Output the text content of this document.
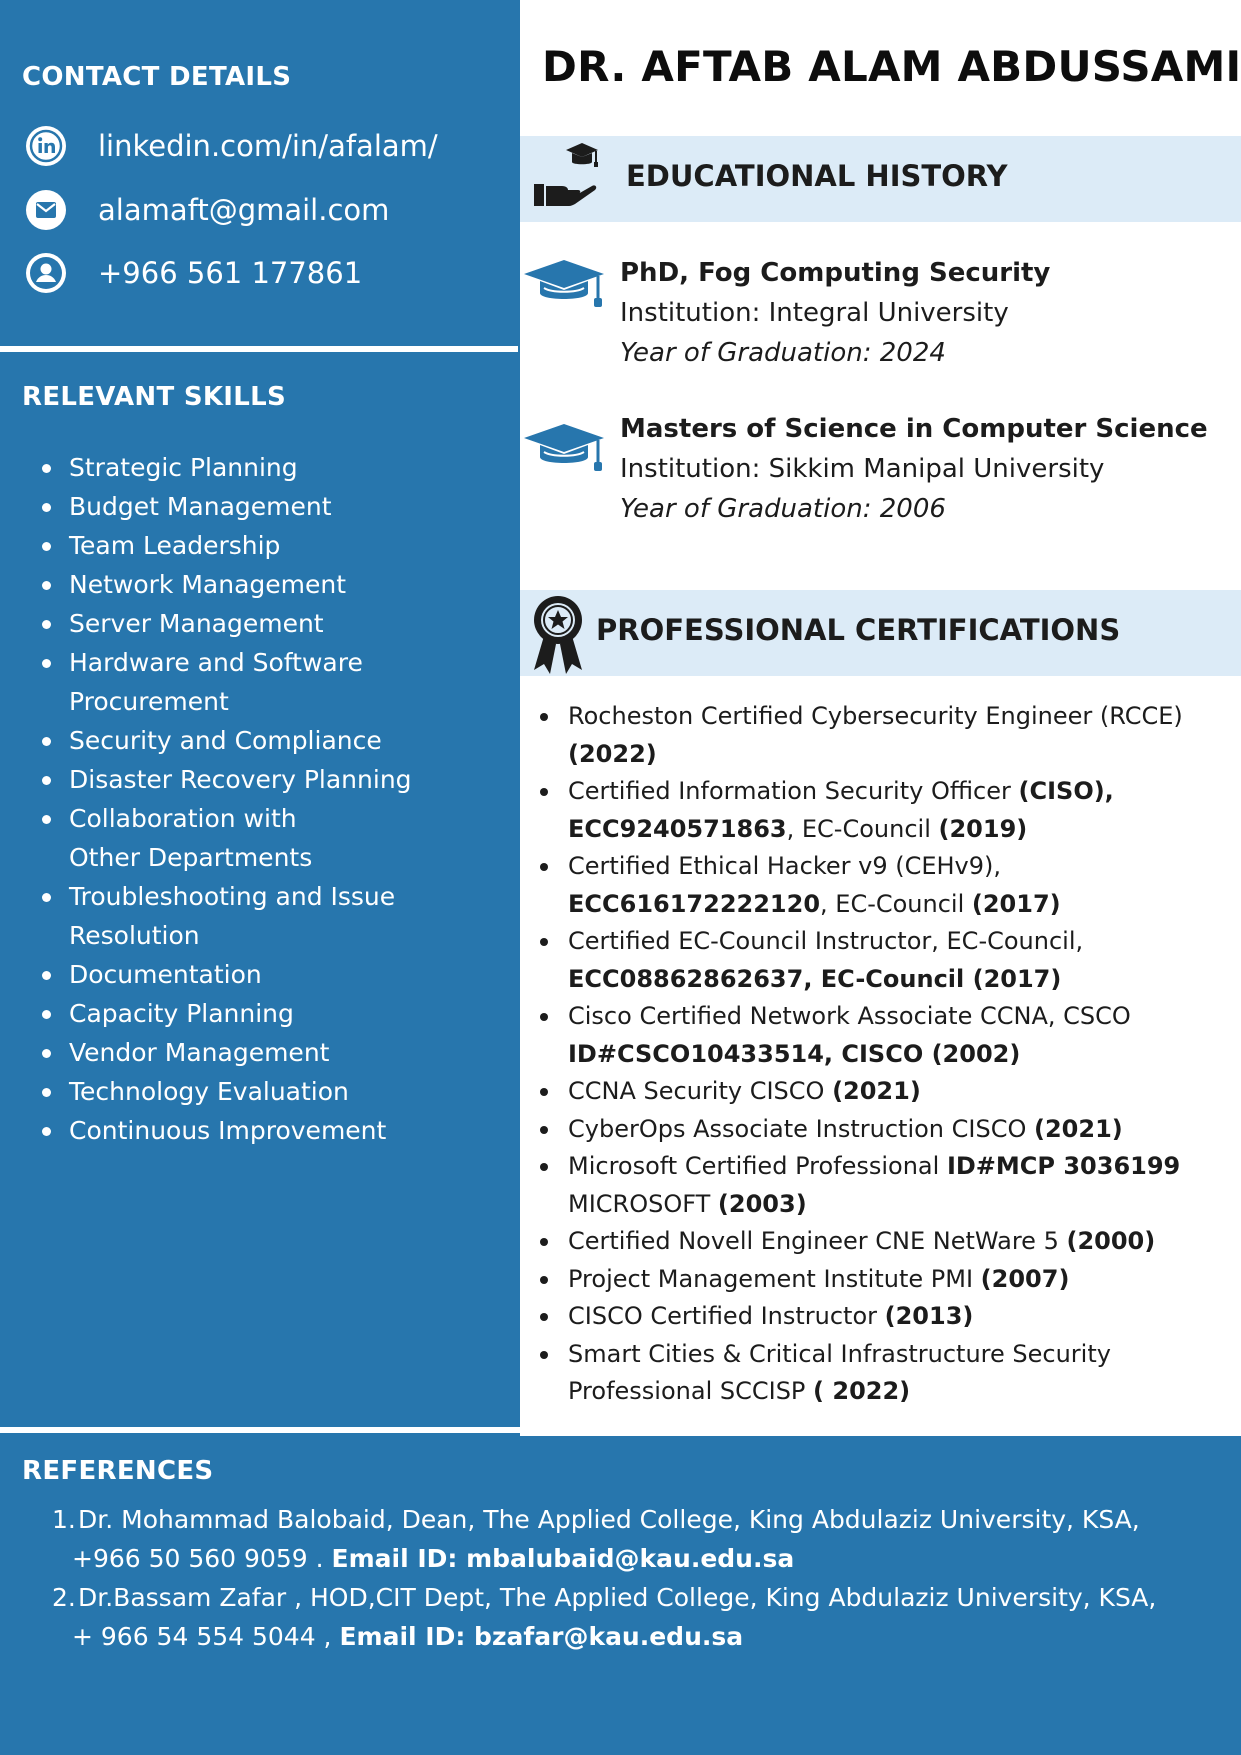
CONTACT DETAILS
linkedin.com/in/afalam/
alamaft@gmail.com
+966 561 177861
RELEVANT SKILLS
Strategic Planning
Budget Management
Team Leadership
Network Management
Server Management
Hardware and Software Procurement
Security and Compliance
Disaster Recovery Planning
Collaboration with Other Departments
Troubleshooting and Issue Resolution
Documentation
Capacity Planning
Vendor Management
Technology Evaluation
Continuous Improvement
DR. AFTAB ALAM ABDUSSAMI
EDUCATIONAL HISTORY
PhD, Fog Computing Security
Institution: Integral University
Year of Graduation: 2024
Masters of Science in Computer Science
Institution: Sikkim Manipal University
Year of Graduation: 2006
PROFESSIONAL CERTIFICATIONS
Rocheston Certified Cybersecurity Engineer (RCCE)
(2022)
Certified Information Security Officer (CISO),
ECC9240571863, EC-Council (2019)
Certified Ethical Hacker v9 (CEHv9),
ECC616172222120, EC-Council (2017)
Certified EC-Council Instructor, EC-Council,
ECC08862862637, EC-Council (2017)
Cisco Certified Network Associate CCNA, CSCO
ID#CSCO10433514, CISCO (2002)
CCNA Security CISCO (2021)
CyberOps Associate Instruction CISCO (2021)
Microsoft Certified Professional ID#MCP 3036199
MICROSOFT (2003)
Certified Novell Engineer CNE NetWare 5 (2000)
Project Management Institute PMI (2007)
CISCO Certified Instructor (2013)
Smart Cities & Critical Infrastructure Security
Professional SCCISP ( 2022)
REFERENCES
1. Dr. Mohammad Balobaid, Dean, The Applied College, King Abdulaziz University, KSA,
+966 50 560 9059 . Email ID: mbalubaid@kau.edu.sa
2. Dr.Bassam Zafar , HOD,CIT Dept, The Applied College, King Abdulaziz University, KSA,
+ 966 54 554 5044 , Email ID: bzafar@kau.edu.sa
